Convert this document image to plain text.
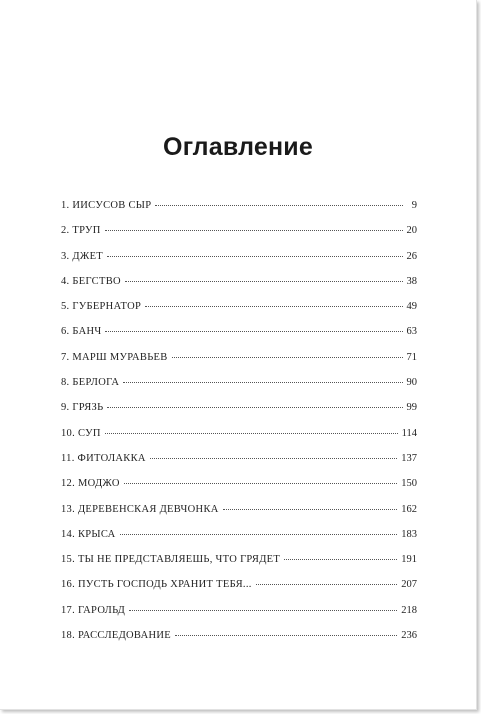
Оглавление
1. ИИСУСОВ СЫР	9
2. ТРУП	20
3. ДЖЕТ	26
4. БЕГСТВО	38
5. ГУБЕРНАТОР	49
6. БАНЧ	63
7. МАРШ МУРАВЬЕВ	71
8. БЕРЛОГА	90
9. ГРЯЗЬ	99
10. СУП	114
11. ФИТОЛАККА	137
12. МОДЖО	150
13. ДЕРЕВЕНСКАЯ ДЕВЧОНКА	162
14. КРЫСА	183
15. ТЫ НЕ ПРЕДСТАВЛЯЕШЬ, ЧТО ГРЯДЕТ	191
16. ПУСТЬ ГОСПОДЬ ХРАНИТ ТЕБЯ...	207
17. ГАРОЛЬД	218
18. РАССЛЕДОВАНИЕ	236
